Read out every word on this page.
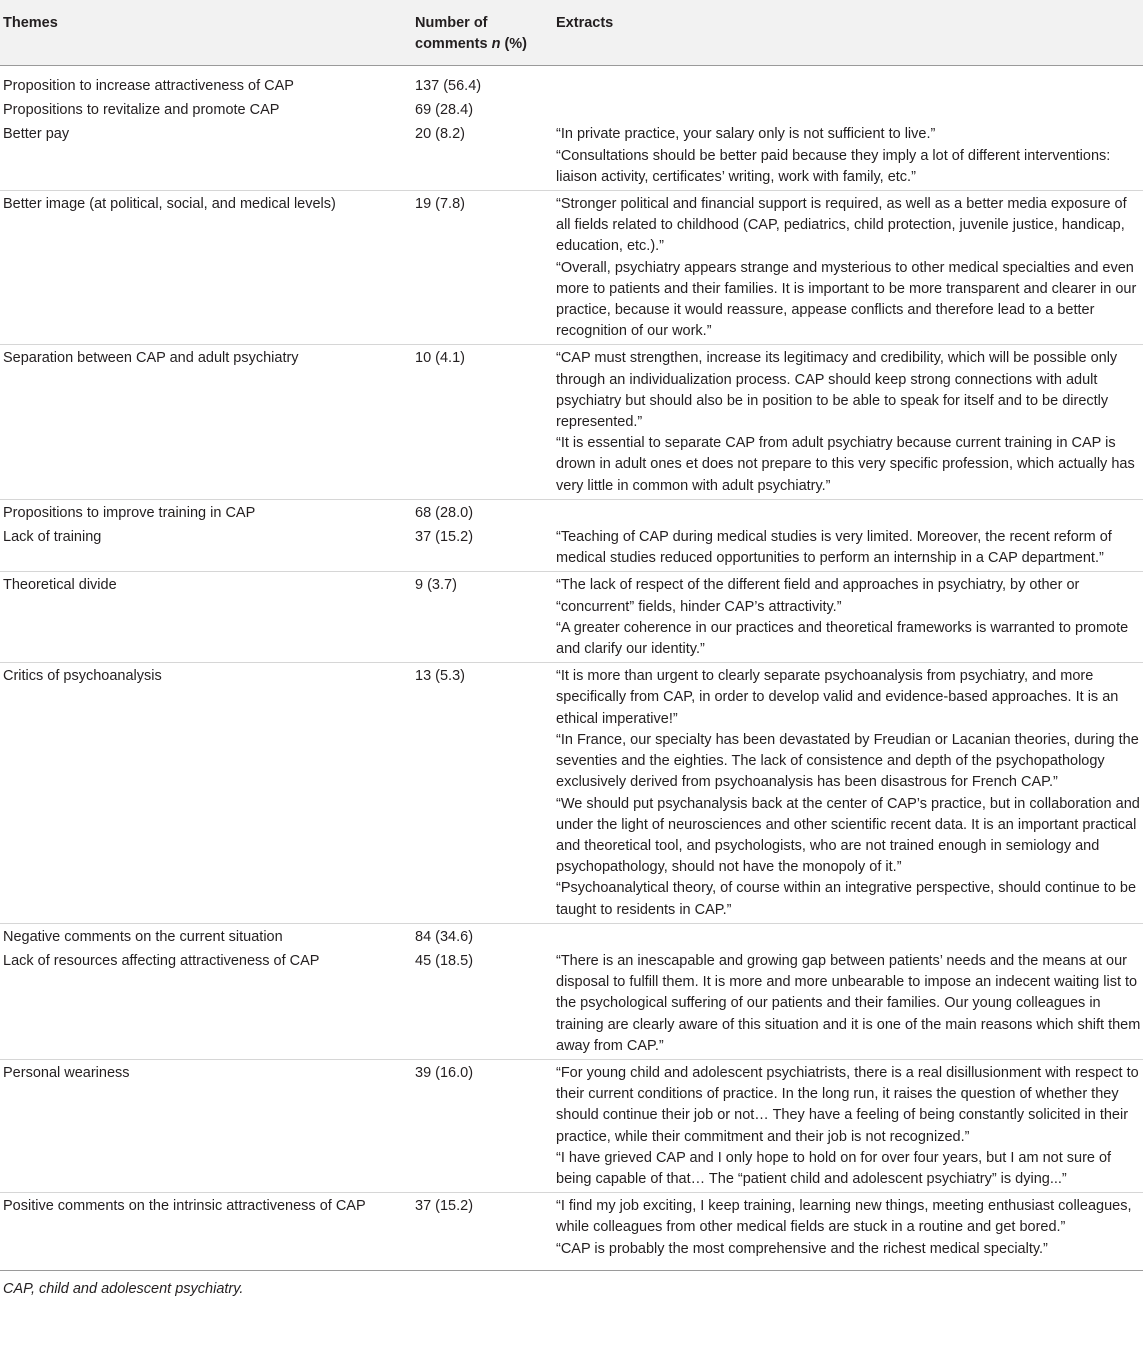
Themes	Number of comments n (%)	Extracts
Proposition to increase attractiveness of CAP	137 (56.4)	
Propositions to revitalize and promote CAP	69 (28.4)	
Better pay	20 (8.2)	“In private practice, your salary only is not sufficient to live.”
“Consultations should be better paid because they imply a lot of different interventions: liaison activity, certificates’ writing, work with family, etc.”

Better image (at political, social, and medical levels)	19 (7.8)	“Stronger political and financial support is required, as well as a better media exposure of all fields related to childhood (CAP, pediatrics, child protection, juvenile justice, handicap, education, etc.).”
“Overall, psychiatry appears strange and mysterious to other medical specialties and even more to patients and their families. It is important to be more transparent and clearer in our practice, because it would reassure, appease conflicts and therefore lead to a better recognition of our work.”

Separation between CAP and adult psychiatry	10 (4.1)	“CAP must strengthen, increase its legitimacy and credibility, which will be possible only through an individualization process. CAP should keep strong connections with adult psychiatry but should also be in position to be able to speak for itself and to be directly represented.”
“It is essential to separate CAP from adult psychiatry because current training in CAP is drown in adult ones et does not prepare to this very specific profession, which actually has very little in common with adult psychiatry.”

Propositions to improve training in CAP	68 (28.0)	
Lack of training	37 (15.2)	“Teaching of CAP during medical studies is very limited. Moreover, the recent reform of medical studies reduced opportunities to perform an internship in a CAP department.”

Theoretical divide	9 (3.7)	“The lack of respect of the different field and approaches in psychiatry, by other or “concurrent” fields, hinder CAP’s attractivity.”
“A greater coherence in our practices and theoretical frameworks is warranted to promote and clarify our identity.”

Critics of psychoanalysis	13 (5.3)	“It is more than urgent to clearly separate psychoanalysis from psychiatry, and more specifically from CAP, in order to develop valid and evidence-based approaches. It is an ethical imperative!”
“In France, our specialty has been devastated by Freudian or Lacanian theories, during the seventies and the eighties. The lack of consistence and depth of the psychopathology exclusively derived from psychoanalysis has been disastrous for French CAP.”
“We should put psychanalysis back at the center of CAP’s practice, but in collaboration and under the light of neurosciences and other scientific recent data. It is an important practical and theoretical tool, and psychologists, who are not trained enough in semiology and psychopathology, should not have the monopoly of it.”
“Psychoanalytical theory, of course within an integrative perspective, should continue to be taught to residents in CAP.”

Negative comments on the current situation	84 (34.6)	
Lack of resources affecting attractiveness of CAP	45 (18.5)	“There is an inescapable and growing gap between patients’ needs and the means at our disposal to fulfill them. It is more and more unbearable to impose an indecent waiting list to the psychological suffering of our patients and their families. Our young colleagues in training are clearly aware of this situation and it is one of the main reasons which shift them away from CAP.”

Personal weariness	39 (16.0)	“For young child and adolescent psychiatrists, there is a real disillusionment with respect to their current conditions of practice. In the long run, it raises the question of whether they should continue their job or not… They have a feeling of being constantly solicited in their practice, while their commitment and their job is not recognized.”
“I have grieved CAP and I only hope to hold on for over four years, but I am not sure of being capable of that… The “patient child and adolescent psychiatry” is dying...”

Positive comments on the intrinsic attractiveness of CAP	37 (15.2)	“I find my job exciting, I keep training, learning new things, meeting enthusiast colleagues, while colleagues from other medical fields are stuck in a routine and get bored.”
“CAP is probably the most comprehensive and the richest medical specialty.”
CAP, child and adolescent psychiatry.
